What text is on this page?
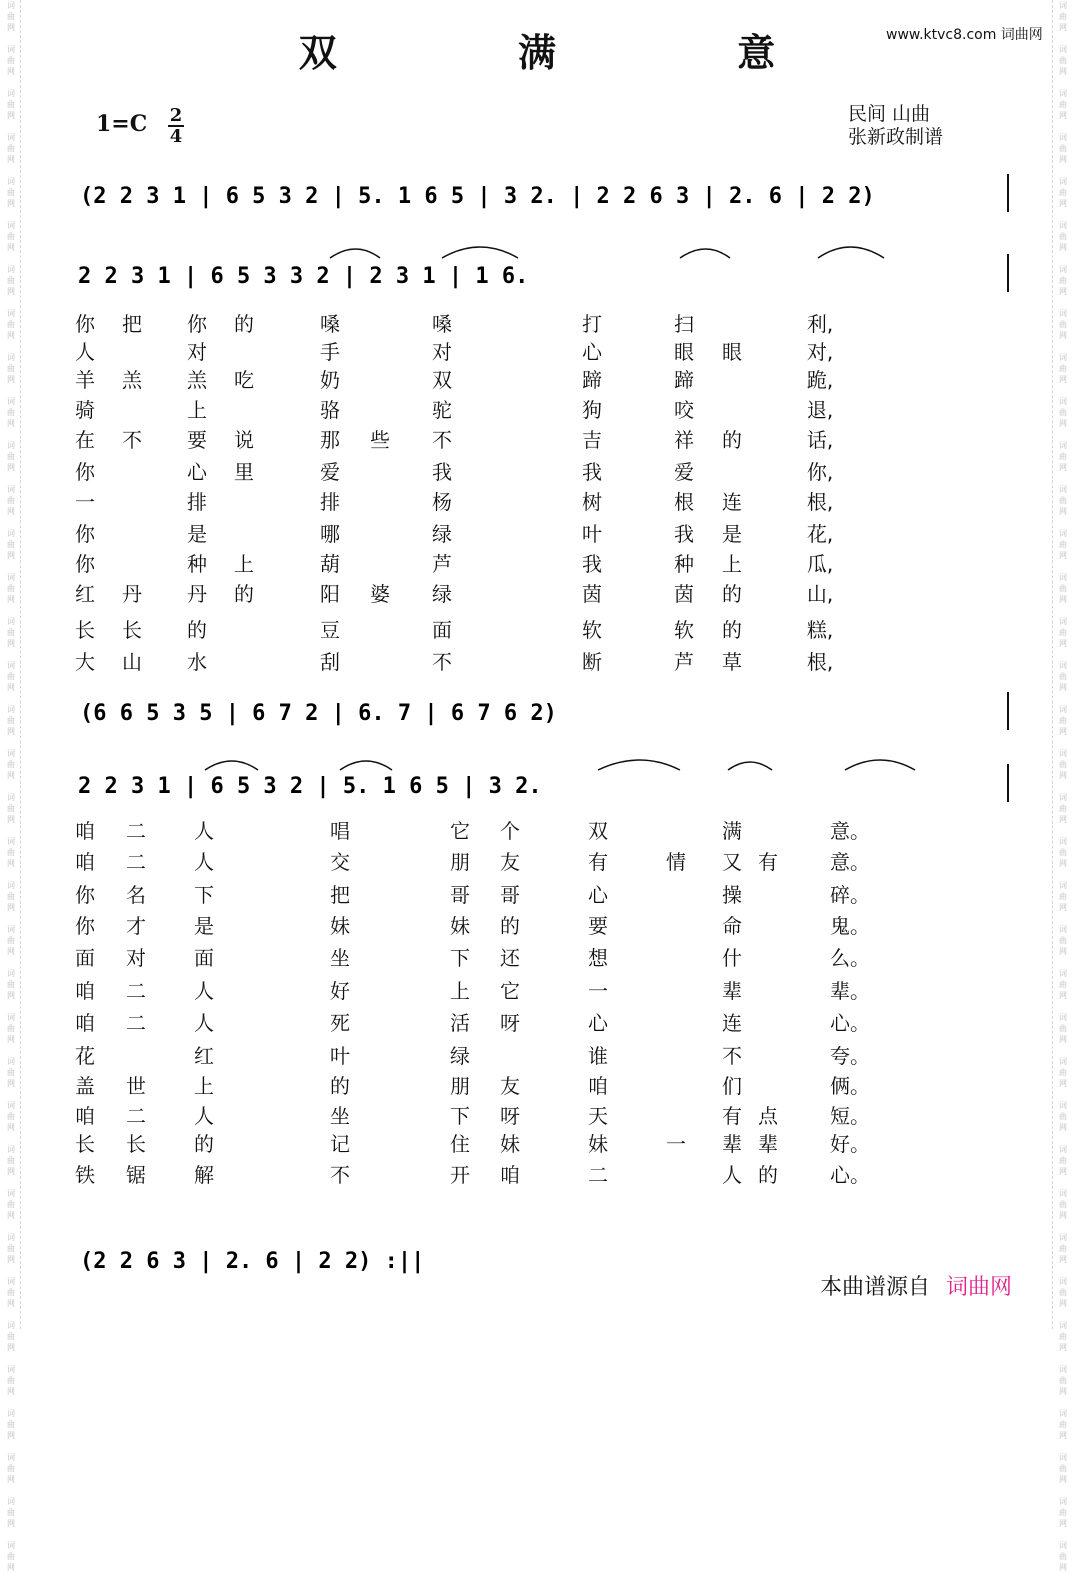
词
曲
网

词
曲
网

词
曲
网

词
曲
网

词
曲
网

词
曲
网

词
曲
网

词
曲
网

词
曲
网

词
曲
网

词
曲
网

词
曲
网

词
曲
网

词
曲
网

词
曲
网

词
曲
网

词
曲
网

词
曲
网

词
曲
网

词
曲
网

词
曲
网

词
曲
网

词
曲
网

词
曲
网

词
曲
网

词
曲
网

词
曲
网

词
曲
网

词
曲
网

词
曲
网

词
曲
网

词
曲
网

词
曲
网

词
曲
网

词
曲
网

词
曲
网

词
曲
网

词
曲
网

词
曲
网

词
曲
网

词
曲
网

词
曲
网

词
曲
网

词
曲
网

词
曲
网

词
曲
网

词
曲
网

词
曲
网

词
曲
网

词
曲
网

词
曲
网

词
曲
网

词
曲
网

词
曲
网

词
曲
网

词
曲
网

词
曲
网

词
曲
网

词
曲
网

词
曲
网

词
曲
网

词
曲
网

词
曲
网

词
曲
网

词
曲
网

词
曲
网

词
曲
网

词
曲
网

词
曲
网

词
曲
网

词
曲
网

词
曲
网

双 满 意	www.ktvc8.com 词曲网
1=C 2
4
民间 山曲
张新政制谱
(2 2 3 1 | 6 5 3 2 | 5. 1 6 5 | 3 2. | 2 2 6 3 | 2. 6 | 2 2)
2 2 3 1 | 6 5 3 3 2 | 2 3 1 | 1 6.
(6 6 5 3 5 | 6 7 2 | 6. 7 | 6 7 6 2)
2 2 3 1 | 6 5 3 2 | 5. 1 6 5 | 3 2.
(2 2 6 3 | 2. 6 | 2 2) :||
你 把 你 的	嗓	嗓	打	扫	利,
人	对	手	对	心	眼 眼	对,
羊 羔 羔 吃	奶	双	蹄	蹄	跪,
骑	上	骆	驼	狗	咬	退,
在 不 要 说	那 些 不	吉	祥 的	话,
你	心 里	爱	我	我	爱	你,
一	排	排	杨	树	根 连	根,
你	是	哪	绿	叶	我 是	花,
你	种 上	葫	芦	我	种 上	瓜,
红 丹 丹 的	阳 婆 绿	茵	茵 的	山,
长 长 的	豆	面	软	软 的	糕,
大 山 水	刮	不	断	芦 草	根,
咱 二 人	唱	它 个	双	满	意。
咱 二 人	交	朋 友	有	情 又 有	意。
你 名 下	把	哥 哥	心	操	碎。
你 才 是	妹	妹 的	要	命	鬼。
面 对 面	坐	下 还	想	什	么。
咱 二 人	好	上 它	一	辈	辈。
咱 二 人	死	活 呀	心	连	心。
花	红	叶	绿	谁	不	夸。
盖 世 上	的	朋 友	咱	们	俩。
咱 二 人	坐	下 呀	天	有 点	短。
长 长 的	记	住 妹	妹	一 辈 辈	好。
铁 锯 解	不	开 咱	二	人 的	心。
本曲谱源自 词曲网
